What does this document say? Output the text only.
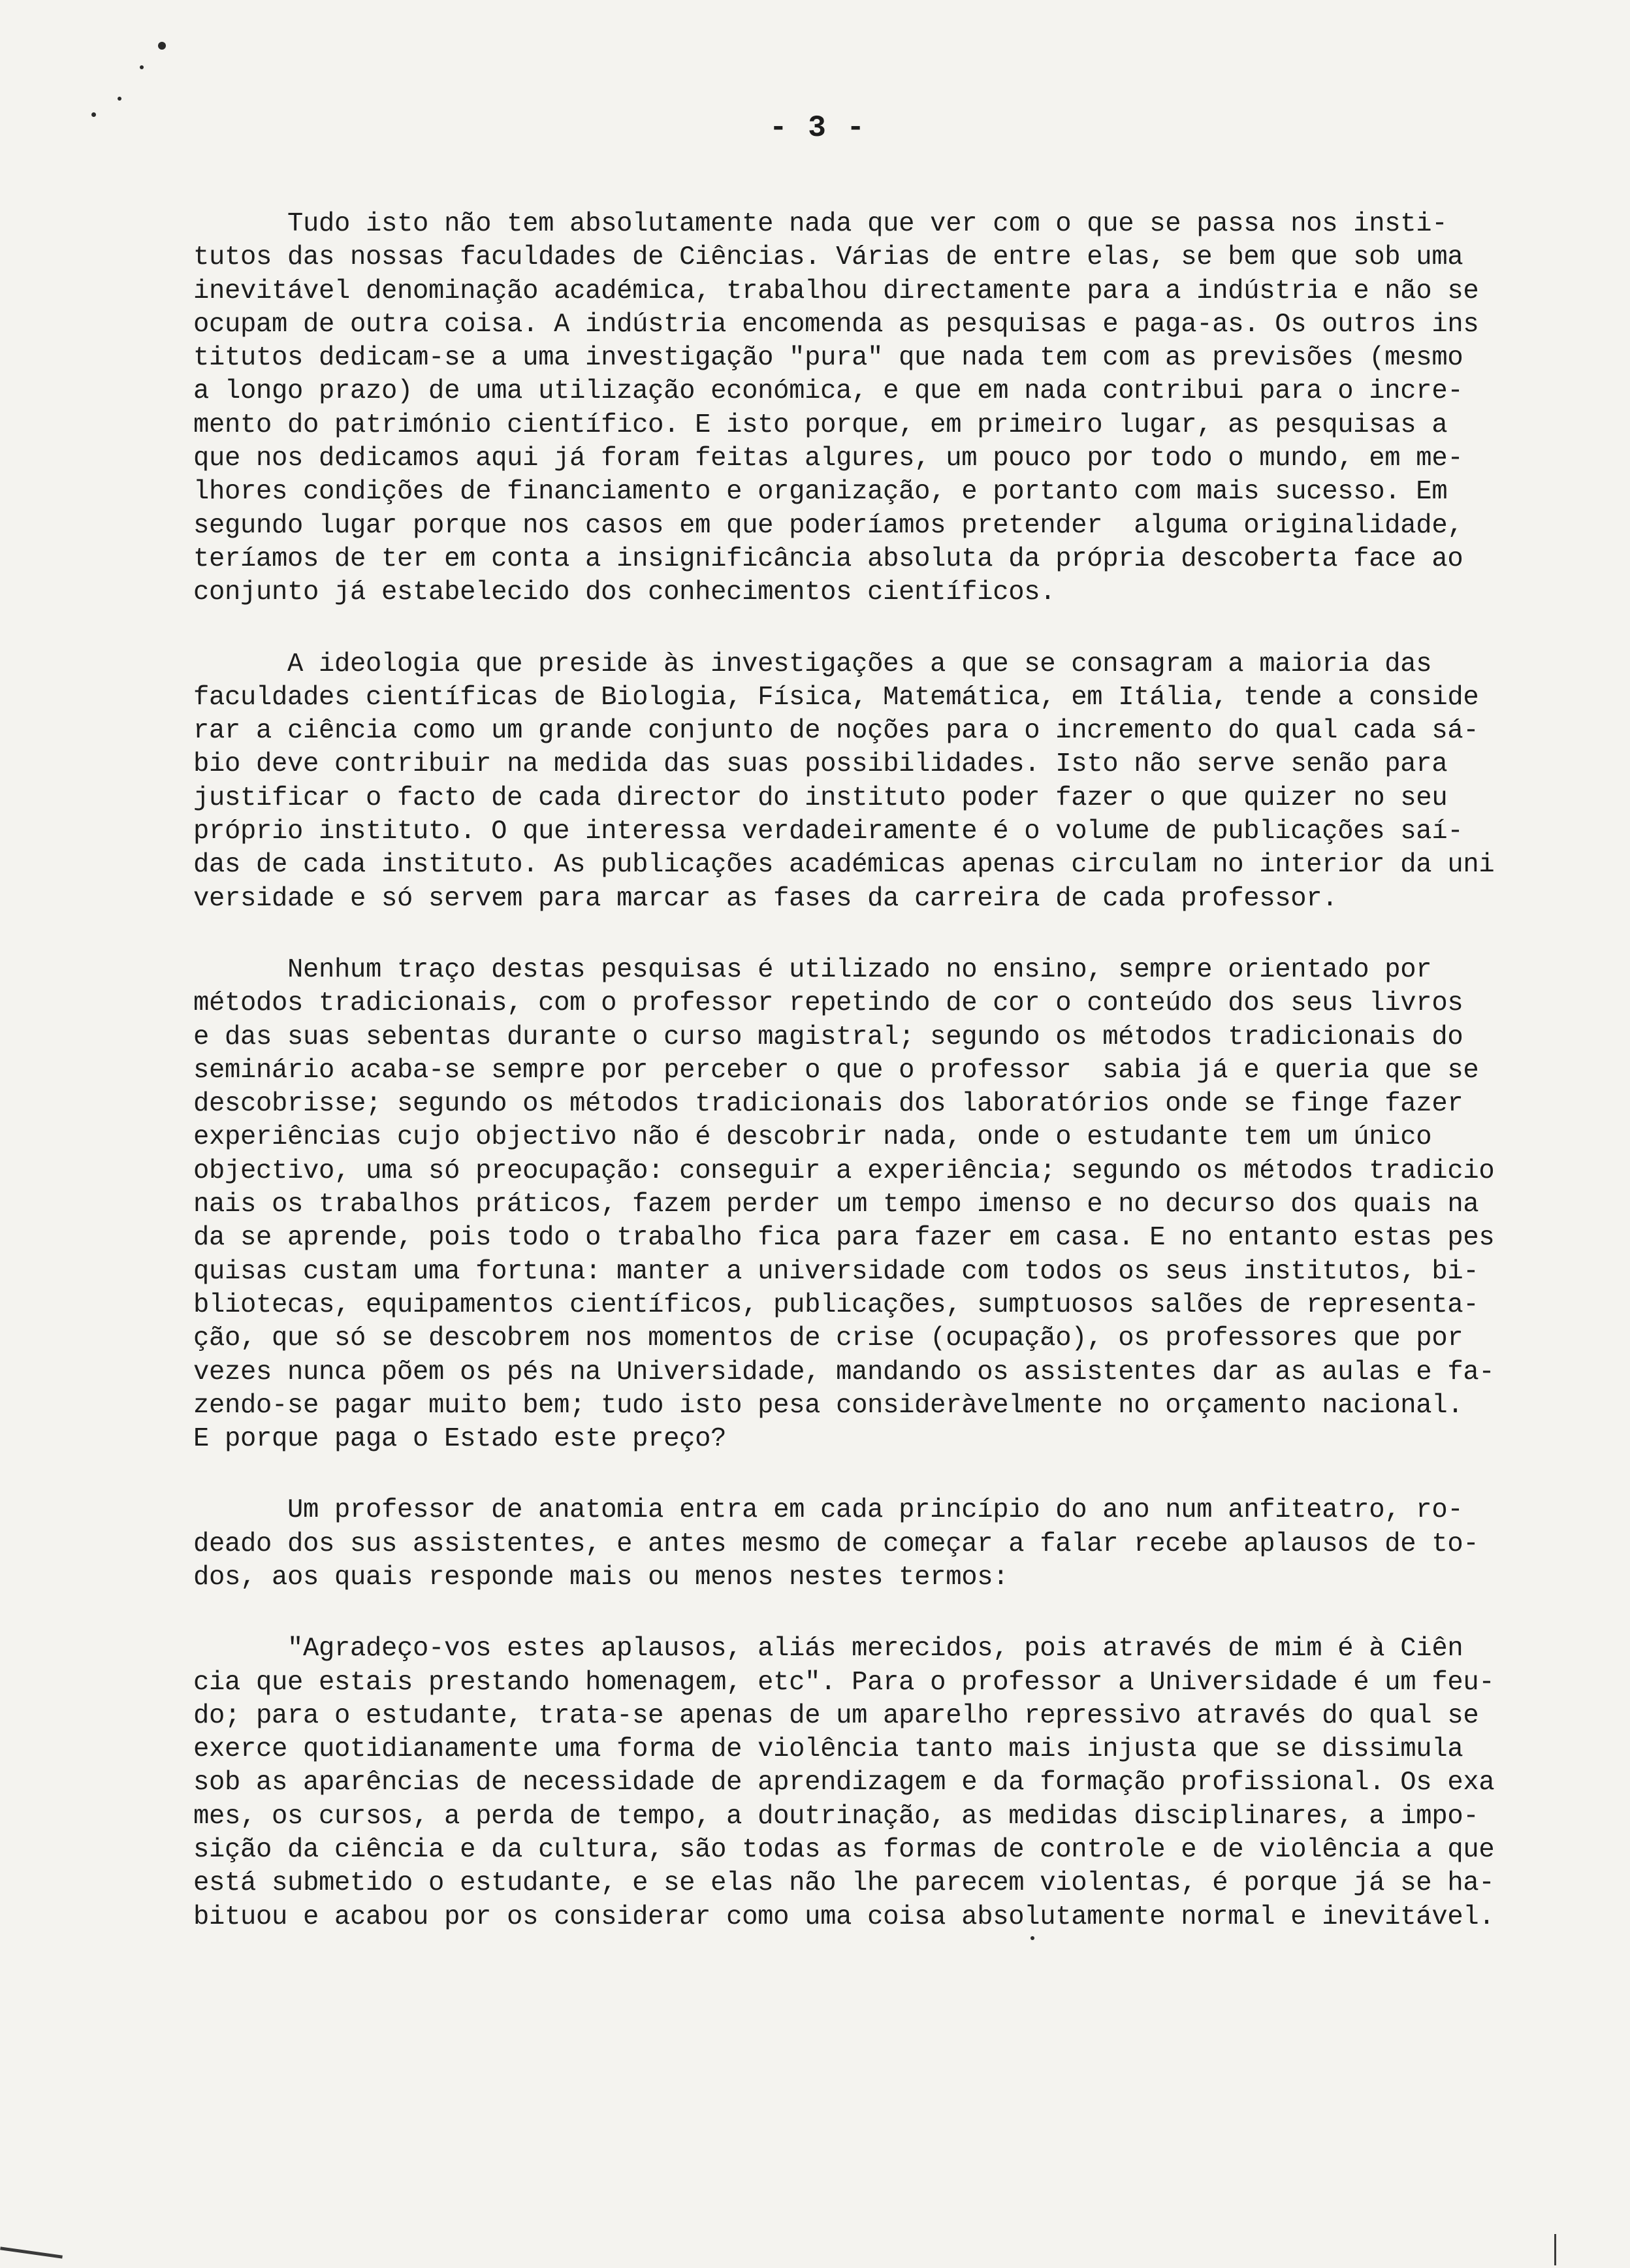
- 3 -
Tudo isto não tem absolutamente nada que ver com o que se passa nos insti-
tutos das nossas faculdades de Ciências. Várias de entre elas, se bem que sob uma
inevitável denominação académica, trabalhou directamente para a indústria e não se
ocupam de outra coisa. A indústria encomenda as pesquisas e paga-as. Os outros ins
titutos dedicam-se a uma investigação "pura" que nada tem com as previsões (mesmo
a longo prazo) de uma utilização económica, e que em nada contribui para o incre-
mento do património científico. E isto porque, em primeiro lugar, as pesquisas a
que nos dedicamos aqui já foram feitas algures, um pouco por todo o mundo, em me-
lhores condições de financiamento e organização, e portanto com mais sucesso. Em
segundo lugar porque nos casos em que poderíamos pretender  alguma originalidade,
teríamos de ter em conta a insignificância absoluta da própria descoberta face ao
conjunto já estabelecido dos conhecimentos científicos.
A ideologia que preside às investigações a que se consagram a maioria das
faculdades científicas de Biologia, Física, Matemática, em Itália, tende a conside
rar a ciência como um grande conjunto de noções para o incremento do qual cada sá-
bio deve contribuir na medida das suas possibilidades. Isto não serve senão para
justificar o facto de cada director do instituto poder fazer o que quizer no seu
próprio instituto. O que interessa verdadeiramente é o volume de publicações saí-
das de cada instituto. As publicações académicas apenas circulam no interior da uni
versidade e só servem para marcar as fases da carreira de cada professor.
Nenhum traço destas pesquisas é utilizado no ensino, sempre orientado por
métodos tradicionais, com o professor repetindo de cor o conteúdo dos seus livros
e das suas sebentas durante o curso magistral; segundo os métodos tradicionais do
seminário acaba-se sempre por perceber o que o professor  sabia já e queria que se
descobrisse; segundo os métodos tradicionais dos laboratórios onde se finge fazer
experiências cujo objectivo não é descobrir nada, onde o estudante tem um único
objectivo, uma só preocupação: conseguir a experiência; segundo os métodos tradicio
nais os trabalhos práticos, fazem perder um tempo imenso e no decurso dos quais na
da se aprende, pois todo o trabalho fica para fazer em casa. E no entanto estas pes
quisas custam uma fortuna: manter a universidade com todos os seus institutos, bi-
bliotecas, equipamentos científicos, publicações, sumptuosos salões de representa-
ção, que só se descobrem nos momentos de crise (ocupação), os professores que por
vezes nunca põem os pés na Universidade, mandando os assistentes dar as aulas e fa-
zendo-se pagar muito bem; tudo isto pesa consideràvelmente no orçamento nacional.
E porque paga o Estado este preço?
Um professor de anatomia entra em cada princípio do ano num anfiteatro, ro-
deado dos sus assistentes, e antes mesmo de começar a falar recebe aplausos de to-
dos, aos quais responde mais ou menos nestes termos:
"Agradeço-vos estes aplausos, aliás merecidos, pois através de mim é à Ciên
cia que estais prestando homenagem, etc". Para o professor a Universidade é um feu-
do; para o estudante, trata-se apenas de um aparelho repressivo através do qual se
exerce quotidianamente uma forma de violência tanto mais injusta que se dissimula
sob as aparências de necessidade de aprendizagem e da formação profissional. Os exa
mes, os cursos, a perda de tempo, a doutrinação, as medidas disciplinares, a impo-
sição da ciência e da cultura, são todas as formas de controle e de violência a que
está submetido o estudante, e se elas não lhe parecem violentas, é porque já se ha-
bituou e acabou por os considerar como uma coisa absolutamente normal e inevitável.
